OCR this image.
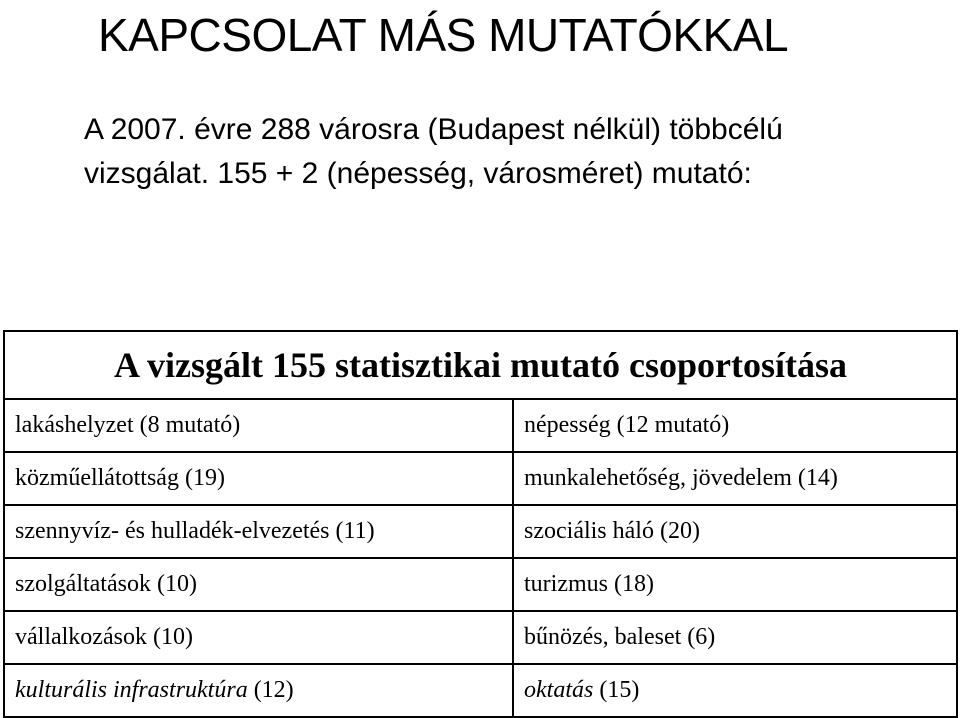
KAPCSOLAT MÁS MUTATÓKKAL
A 2007. évre 288 városra (Budapest nélkül) többcélú
vizsgálat. 155 + 2 (népesség, városméret) mutató:
A vizsgált 155 statisztikai mutató csoportosítása	
lakáshelyzet (8 mutató)	népesség (12 mutató)
közműellátottság (19)	munkalehetőség, jövedelem (14)
szennyvíz- és hulladék-elvezetés (11)	szociális háló (20)
szolgáltatások (10)	turizmus (18)
vállalkozások (10)	bűnözés, baleset (6)
kulturális infrastruktúra (12)	oktatás (15)
